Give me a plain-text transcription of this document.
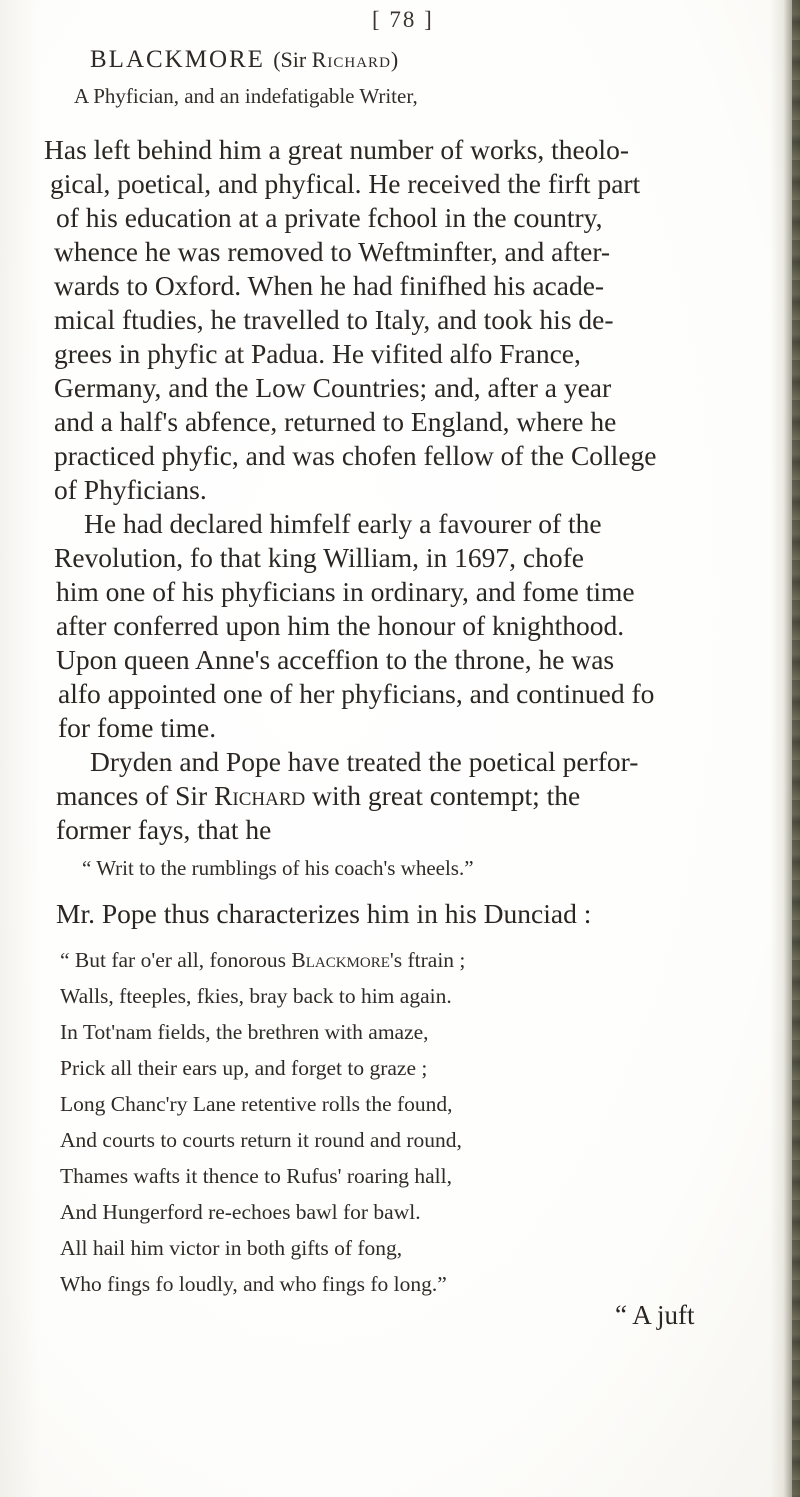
[ 78 ]
BLACKMORE (Sir Richard)
A Phyfician, and an indefatigable Writer,
Has left behind him a great number of works, theolo-
gical, poetical, and phyfical. He received the firft part
of his education at a private fchool in the country,
whence he was removed to Weftminfter, and after-
wards to Oxford. When he had finifhed his acade-
mical ftudies, he travelled to Italy, and took his de-
grees in phyfic at Padua. He vifited alfo France,
Germany, and the Low Countries; and, after a year
and a half's abfence, returned to England, where he
practiced phyfic, and was chofen fellow of the College
of Phyficians.
He had declared himfelf early a favourer of the
Revolution, fo that king William, in 1697, chofe
him one of his phyficians in ordinary, and fome time
after conferred upon him the honour of knighthood.
Upon queen Anne's acceffion to the throne, he was
alfo appointed one of her phyficians, and continued fo
for fome time.
Dryden and Pope have treated the poetical perfor-
mances of Sir Richard with great contempt; the
former fays, that he
“ Writ to the rumblings of his coach's wheels.”
Mr. Pope thus characterizes him in his Dunciad :
“ But far o'er all, fonorous Blackmore's ftrain ;
Walls, fteeples, fkies, bray back to him again.
In Tot'nam fields, the brethren with amaze,
Prick all their ears up, and forget to graze ;
Long Chanc'ry Lane retentive rolls the found,
And courts to courts return it round and round,
Thames wafts it thence to Rufus' roaring hall,
And Hungerford re-echoes bawl for bawl.
All hail him victor in both gifts of fong,
Who fings fo loudly, and who fings fo long.”
“ A juft
